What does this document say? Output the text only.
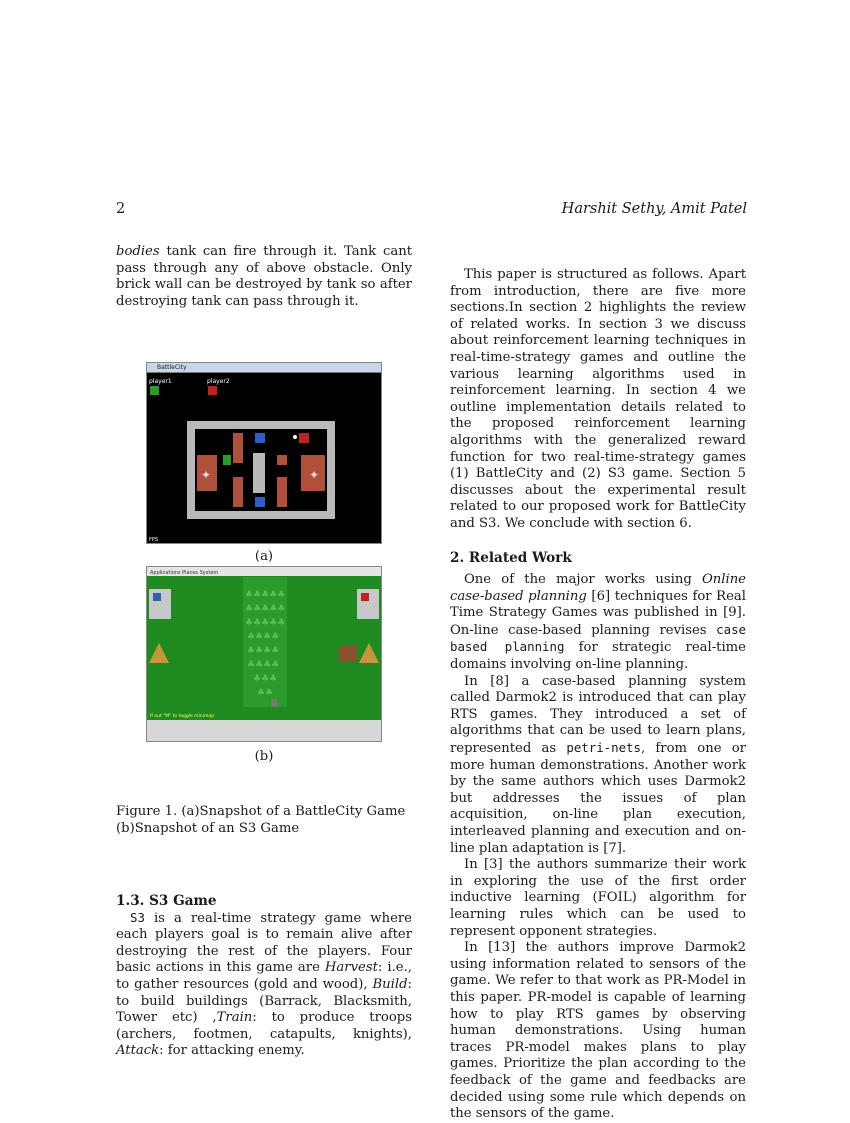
2	Harshit Sethy, Amit Patel

bodies tank can fire through it. Tank cant pass through any of above obstacle. Only brick wall can be destroyed by tank so after destroying tank can pass through it.

BattleCity
player1	player2
✦	✦
FPS
(a)
Applications Places System
♣♣♣♣♣
♣♣♣♣♣
♣♣♣♣♣
♣♣♣♣
♣♣♣♣
♣♣♣♣
♣♣♣
♣♣
If out "M" to toggle minimap
(b)
Figure 1. (a)Snapshot of a BattleCity Game (b)Snapshot of an S3 Game

1.3. S3 Game

S3 is a real-time strategy game where each players goal is to remain alive after destroying the rest of the players. Four basic actions in this game are Harvest: i.e., to gather resources (gold and wood), Build: to build buildings (Barrack, Blacksmith, Tower etc) ,Train: to produce troops (archers, footmen, catapults, knights), Attack: for attacking enemy.

This paper is structured as follows. Apart from introduction, there are five more sections.In section 2 highlights the review of related works. In section 3 we discuss about reinforcement learning techniques in real-time-strategy games and outline the various learning algorithms used in reinforcement learning. In section 4 we outline implementation details related to the proposed reinforcement learning algorithms with the generalized reward function for two real-time-strategy games (1) BattleCity and (2) S3 game. Section 5 discusses about the experimental result related to our proposed work for BattleCity and S3. We conclude with section 6.

2. Related Work

One of the major works using Online case-based planning [6] techniques for Real Time Strategy Games was published in [9]. On-line case-based planning revises case based planning for strategic real-time domains involving on-line planning.

In [8] a case-based planning system called Darmok2 is introduced that can play RTS games. They introduced a set of algorithms that can be used to learn plans, represented as petri-nets, from one or more human demonstrations. Another work by the same authors which uses Darmok2 but addresses the issues of plan acquisition, on-line plan execution, interleaved planning and execution and on-line plan adaptation is [7].

In [3] the authors summarize their work in exploring the use of the first order inductive learning (FOIL) algorithm for learning rules which can be used to represent opponent strategies.

In [13] the authors improve Darmok2 using information related to sensors of the game. We refer to that work as PR-Model in this paper. PR-model is capable of learning how to play RTS games by observing human demonstrations. Using human traces PR-model makes plans to play games. Prioritize the plan according to the feedback of the game and feedbacks are decided using some rule which depends on the sensors of the game.
